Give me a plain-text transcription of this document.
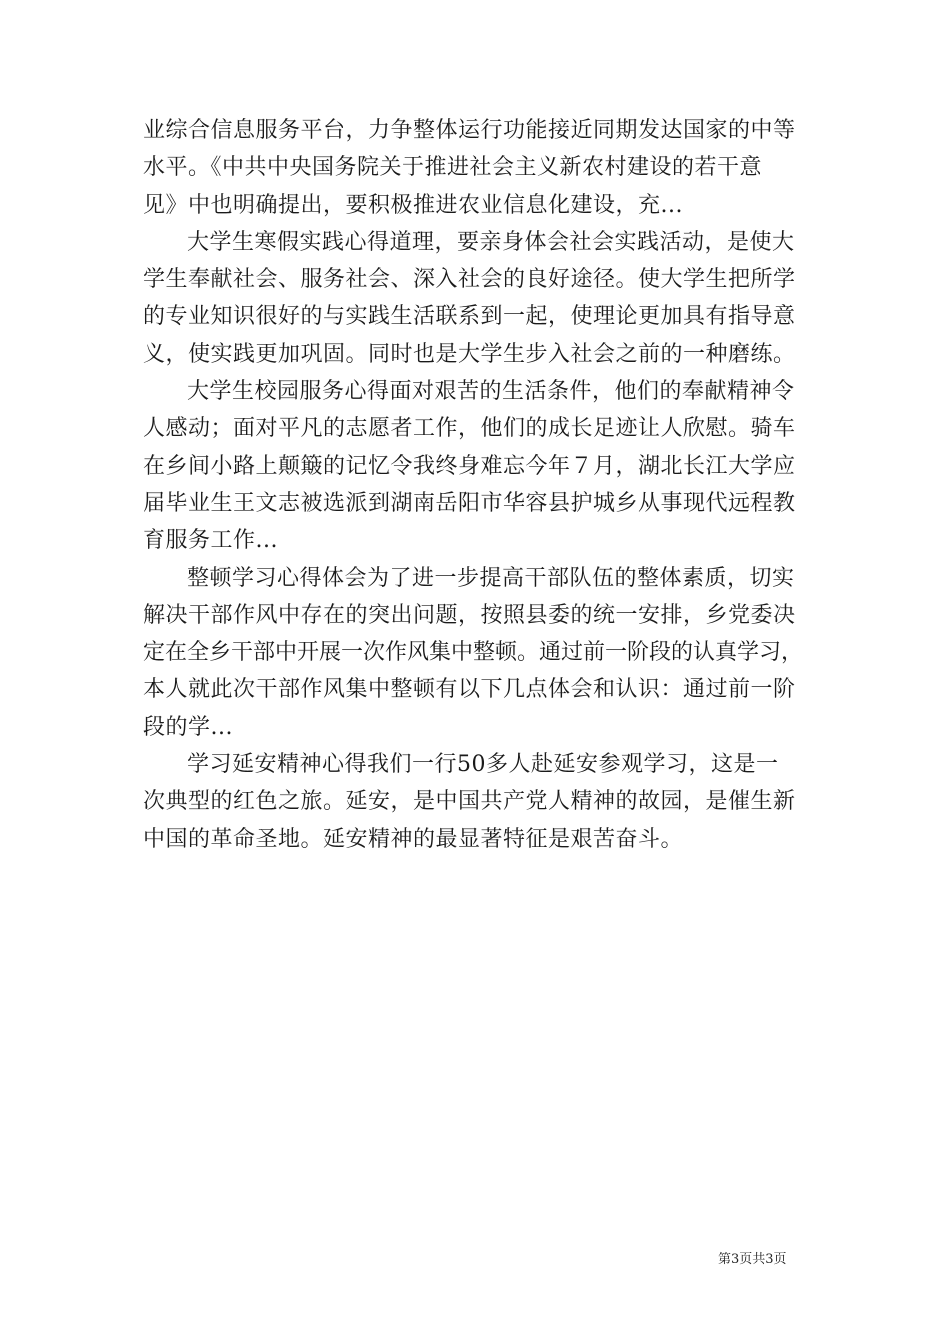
业综合信息服务平台，力争整体运行功能接近同期发达国家的中等
水平。《中共中央国务院关于推进社会主义新农村建设的若干意
见》中也明确提出，要积极推进农业信息化建设，充...
大学生寒假实践心得道理，要亲身体会社会实践活动，是使大
学生奉献社会、服务社会、深入社会的良好途径。使大学生把所学
的专业知识很好的与实践生活联系到一起，使理论更加具有指导意
义，使实践更加巩固。同时也是大学生步入社会之前的一种磨练。
大学生校园服务心得面对艰苦的生活条件，他们的奉献精神令
人感动；面对平凡的志愿者工作，他们的成长足迹让人欣慰。骑车
在乡间小路上颠簸的记忆令我终身难忘今年７月，湖北长江大学应
届毕业生王文志被选派到湖南岳阳市华容县护城乡从事现代远程教
育服务工作...
整顿学习心得体会为了进一步提高干部队伍的整体素质，切实
解决干部作风中存在的突出问题，按照县委的统一安排，乡党委决
定在全乡干部中开展一次作风集中整顿。通过前一阶段的认真学习，
本人就此次干部作风集中整顿有以下几点体会和认识：通过前一阶
段的学...
学习延安精神心得我们一行50多人赴延安参观学习，这是一
次典型的红色之旅。延安，是中国共产党人精神的故园，是催生新
中国的革命圣地。延安精神的最显著特征是艰苦奋斗。
第3页共3页
